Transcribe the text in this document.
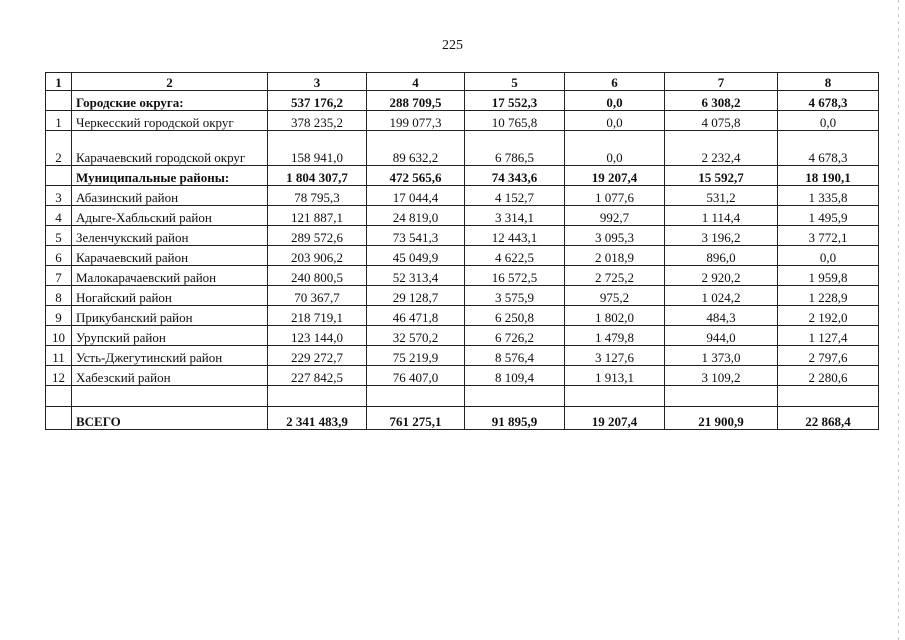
225
1	2	3	4	5	6	7	8
	Городские округа:	537 176,2	288 709,5	17 552,3	0,0	6 308,2	4 678,3
1	Черкесский городской округ	378 235,2	199 077,3	10 765,8	0,0	4 075,8	0,0
2	Карачаевский городской округ	158 941,0	89 632,2	6 786,5	0,0	2 232,4	4 678,3
	Муниципальные районы:	1 804 307,7	472 565,6	74 343,6	19 207,4	15 592,7	18 190,1
3	Абазинский район	78 795,3	17 044,4	4 152,7	1 077,6	531,2	1 335,8
4	Адыге-Хабльский район	121 887,1	24 819,0	3 314,1	992,7	1 114,4	1 495,9
5	Зеленчукский район	289 572,6	73 541,3	12 443,1	3 095,3	3 196,2	3 772,1
6	Карачаевский район	203 906,2	45 049,9	4 622,5	2 018,9	896,0	0,0
7	Малокарачаевский район	240 800,5	52 313,4	16 572,5	2 725,2	2 920,2	1 959,8
8	Ногайский район	70 367,7	29 128,7	3 575,9	975,2	1 024,2	1 228,9
9	Прикубанский район	218 719,1	46 471,8	6 250,8	1 802,0	484,3	2 192,0
10	Урупский район	123 144,0	32 570,2	6 726,2	1 479,8	944,0	1 127,4
11	Усть-Джегутинский район	229 272,7	75 219,9	8 576,4	3 127,6	1 373,0	2 797,6
12	Хабезский район	227 842,5	76 407,0	8 109,4	1 913,1	3 109,2	2 280,6

	ВСЕГО	2 341 483,9	761 275,1	91 895,9	19 207,4	21 900,9	22 868,4
